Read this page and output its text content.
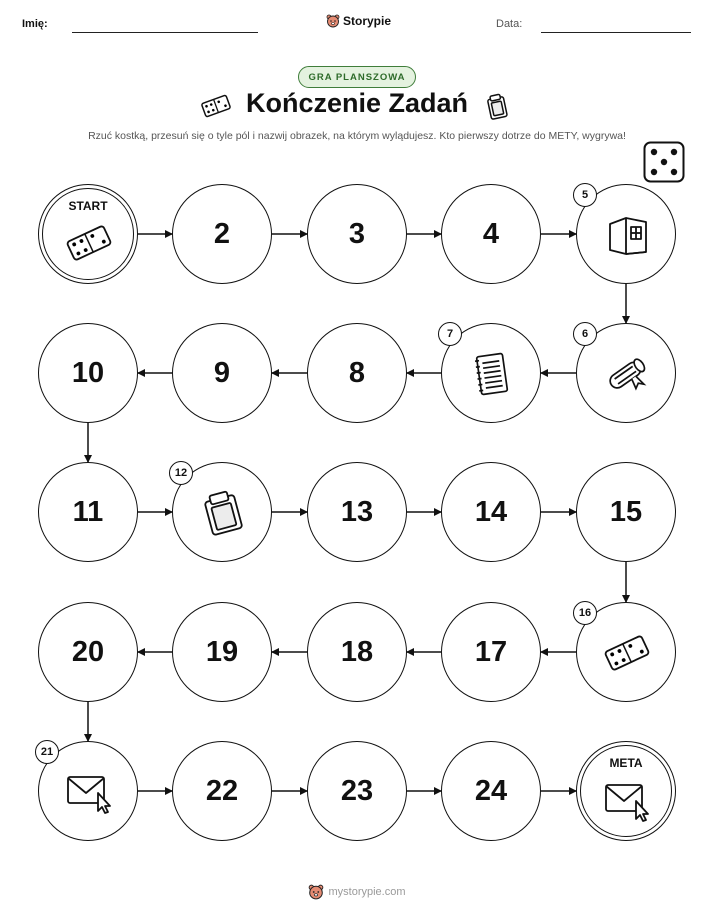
Imię:	Storypie	Data:
GRA PLANSZOWA
Kończenie Zadań
Rzuć kostką, przesuń się o tyle pól i nazwij obrazek, na którym wylądujesz. Kto pierwszy dotrze do METY, wygrywa!
START
2	3	4
5
6
7
8
9
10
11
12
13	14	15
16
17
18
19
20
21
22	23	24
META
mystorypie.com
